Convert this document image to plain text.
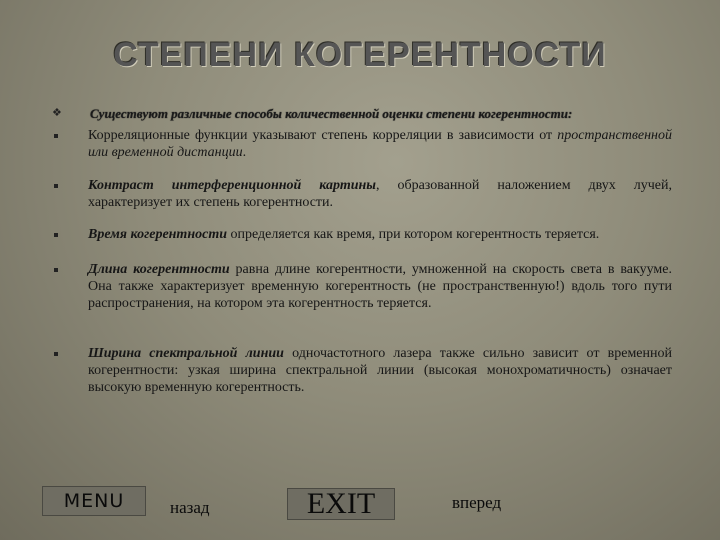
СТЕПЕНИ КОГЕРЕНТНОСТИ
❖ Существуют различные способы количественной оценки степени когерентности:
Корреляционные функции указывают степень корреляции в зависимости от пространственной или временной дистанции.
Контраст интерференционной картины, образованной наложением двух лучей, характеризует их степень когерентности.
Время когерентности определяется как время, при котором когерентность теряется.
Длина когерентности равна длине когерентности, умноженной на скорость света в вакууме. Она также характеризует временную когерентность (не пространственную!) вдоль того пути распространения, на котором эта когерентность теряется.
Ширина спектральной линии одночастотного лазера также сильно зависит от временной когерентности: узкая ширина спектральной линии (высокая монохроматичность) означает высокую временную когерентность.
MENU	назад	EXIT	вперед
